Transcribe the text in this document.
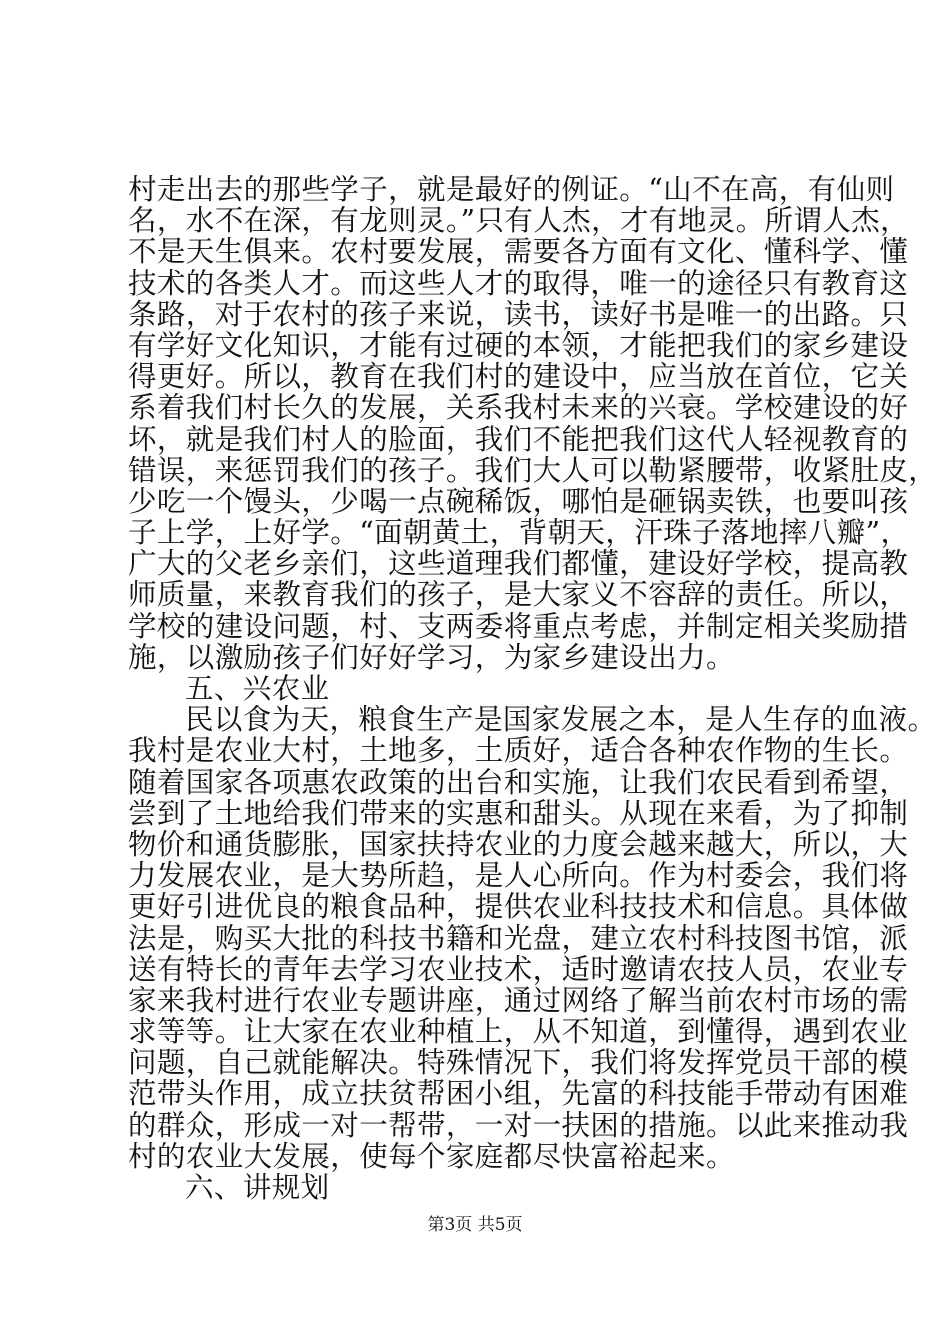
村走出去的那些学子，就是最好的例证。“山不在高，有仙则
名，水不在深，有龙则灵。”只有人杰，才有地灵。所谓人杰，
不是天生俱来。农村要发展，需要各方面有文化、懂科学、懂
技术的各类人才。而这些人才的取得，唯一的途径只有教育这
条路，对于农村的孩子来说，读书，读好书是唯一的出路。只
有学好文化知识，才能有过硬的本领，才能把我们的家乡建设
得更好。所以，教育在我们村的建设中，应当放在首位，它关
系着我们村长久的发展，关系我村未来的兴衰。学校建设的好
坏，就是我们村人的脸面，我们不能把我们这代人轻视教育的
错误，来惩罚我们的孩子。我们大人可以勒紧腰带，收紧肚皮，
少吃一个馒头，少喝一点碗稀饭，哪怕是砸锅卖铁，也要叫孩
子上学，上好学。“面朝黄土，背朝天，汗珠子落地摔八瓣”，
广大的父老乡亲们，这些道理我们都懂，建设好学校，提高教
师质量，来教育我们的孩子，是大家义不容辞的责任。所以，
学校的建设问题，村、支两委将重点考虑，并制定相关奖励措
施，以激励孩子们好好学习，为家乡建设出力。
五、兴农业
民以食为天，粮食生产是国家发展之本，是人生存的血液。
我村是农业大村，土地多，土质好，适合各种农作物的生长。
随着国家各项惠农政策的出台和实施，让我们农民看到希望，
尝到了土地给我们带来的实惠和甜头。从现在来看，为了抑制
物价和通货膨胀，国家扶持农业的力度会越来越大，所以，大
力发展农业，是大势所趋，是人心所向。作为村委会，我们将
更好引进优良的粮食品种，提供农业科技技术和信息。具体做
法是，购买大批的科技书籍和光盘，建立农村科技图书馆，派
送有特长的青年去学习农业技术，适时邀请农技人员，农业专
家来我村进行农业专题讲座，通过网络了解当前农村市场的需
求等等。让大家在农业种植上，从不知道，到懂得，遇到农业
问题，自己就能解决。特殊情况下，我们将发挥党员干部的模
范带头作用，成立扶贫帮困小组，先富的科技能手带动有困难
的群众，形成一对一帮带，一对一扶困的措施。以此来推动我
村的农业大发展，使每个家庭都尽快富裕起来。
六、讲规划
第3页 共5页
